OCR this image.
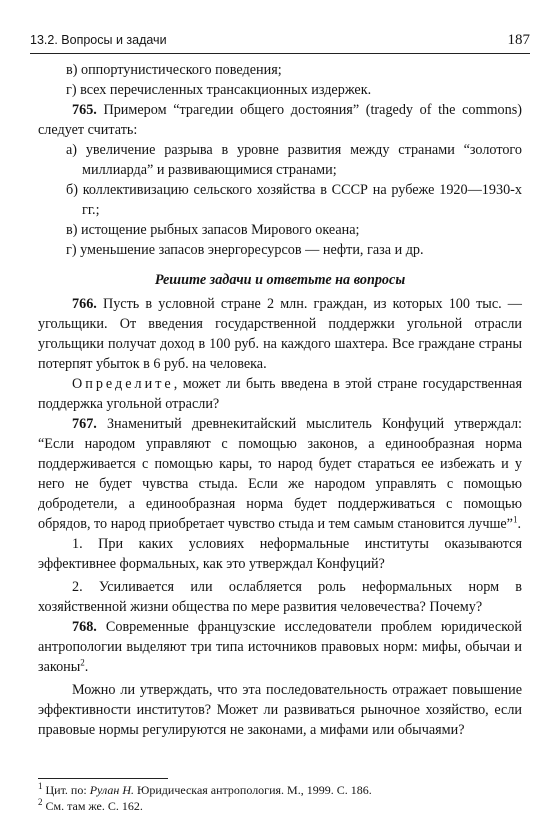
13.2. Вопросы и задачи	187

в) оппортунистического поведения;

г) всех перечисленных трансакционных издержек.

765. Примером “трагедии общего достояния” (tragedy of the commons) следует считать:

а) увеличение разрыва в уровне развития между странами “золотого миллиарда” и развивающимися странами;

б) коллективизацию сельского хозяйства в СССР на рубеже 1920—1930-х гг.;

в) истощение рыбных запасов Мирового океана;

г) уменьшение запасов энергоресурсов — нефти, газа и др.

Решите задачи и ответьте на вопросы

766. Пусть в условной стране 2 млн. граждан, из которых 100 тыс. — угольщики. От введения государственной поддержки угольной отрасли угольщики получат доход в 100 руб. на каждого шахтера. Все граждане страны потерпят убыток в 6 руб. на человека.

Определите, может ли быть введена в этой стране государственная поддержка угольной отрасли?

767. Знаменитый древнекитайский мыслитель Конфуций утверждал: “Если народом управляют с помощью законов, а единообразная норма поддерживается с помощью кары, то народ будет стараться ее избежать и у него не будет чувства стыда. Если же народом управлять с помощью добродетели, а единообразная норма будет поддерживаться с помощью обрядов, то народ приобретает чувство стыда и тем самым становится лучше”$^1$.

1. При каких условиях неформальные институты оказываются эффективнее формальных, как это утверждал Конфуций?

2. Усиливается или ослабляется роль неформальных норм в хозяйственной жизни общества по мере развития человечества? Почему?

768. Современные французские исследователи проблем юридической антропологии выделяют три типа источников правовых норм: мифы, обычаи и законы$^2$.

Можно ли утверждать, что эта последовательность отражает повышение эффективности институтов? Может ли развиваться рыночное хозяйство, если правовые нормы регулируются не законами, а мифами или обычаями?

$^1$ Цит. по: Рулан Н. Юридическая антропология. М., 1999. С. 186.

$^2$ См. там же. С. 162.
